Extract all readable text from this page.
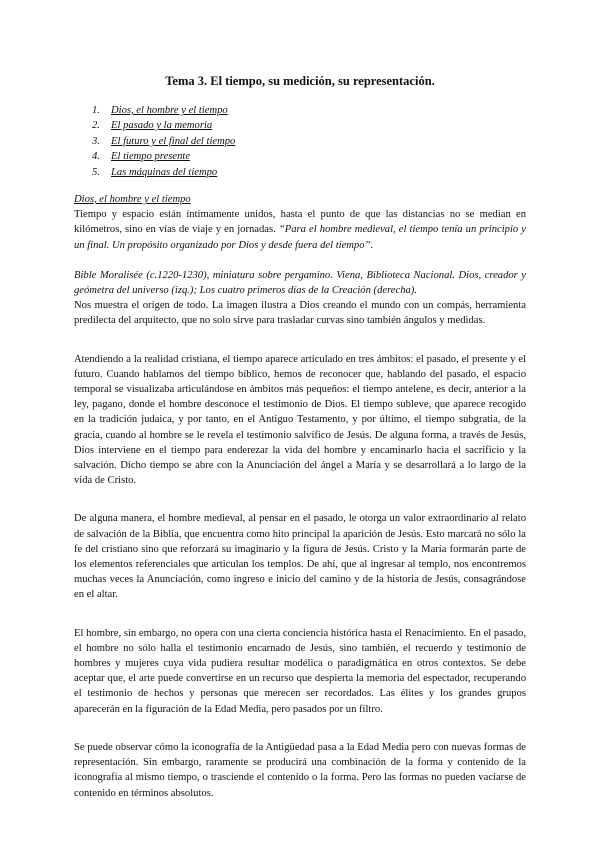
Tema 3. El tiempo, su medición, su representación.
1.	Dios, el hombre y el tiempo
2.	El pasado y la memoria
3.	El futuro y el final del tiempo
4.	El tiempo presente
5.	Las máquinas del tiempo

Dios, el hombre y el tiempo

Tiempo y espacio están íntimamente unidos, hasta el punto de que las distancias no se median en kilómetros, sino en vías de viaje y en jornadas. “Para el hombre medieval, el tiempo tenía un principio y un final. Un propósito organizado por Dios y desde fuera del tiempo”.

Bible Moralisée (c.1220-1230), miniatura sobre pergamino. Viena, Biblioteca Nacional. Dios, creador y geómetra del universo (izq.); Los cuatro primeros días de la Creación (derecha).

Nos muestra el origen de todo. La imagen ilustra a Dios creando el mundo con un compás, herramienta predilecta del arquitecto, que no solo sirve para trasladar curvas sino también ángulos y medidas.

Atendiendo a la realidad cristiana, el tiempo aparece articulado en tres ámbitos: el pasado, el presente y el futuro. Cuando hablamos del tiempo bíblico, hemos de reconocer que, hablando del pasado, el espacio temporal se visualizaba articulándose en ámbitos más pequeños: el tiempo antelene, es decir, anterior a la ley, pagano, donde el hombre desconoce el testimonio de Dios. El tiempo subleve, que aparece recogido en la tradición judaica, y por tanto, en el Antiguo Testamento, y por último, el tiempo subgratia, de la gracia, cuando al hombre se le revela el testimonio salvífico de Jesús. De alguna forma, a través de Jesús, Dios interviene en el tiempo para enderezar la vida del hombre y encaminarlo hacia el sacrificio y la salvación. Dicho tiempo se abre con la Anunciación del ángel a María y se desarrollará a lo largo de la vida de Cristo.

De alguna manera, el hombre medieval, al pensar en el pasado, le otorga un valor extraordinario al relato de salvación de la Biblia, que encuentra como hito principal la aparición de Jesús. Esto marcará no sólo la fe del cristiano sino que reforzará su imaginario y la figura de Jesús. Cristo y la María formarán parte de los elementos referenciales que articulan los templos. De ahí, que al ingresar al templo, nos encontremos muchas veces la Anunciación, como ingreso e inicio del camino y de la historia de Jesús, consagrándose en el altar.

El hombre, sin embargo, no opera con una cierta conciencia histórica hasta el Renacimiento. En el pasado, el hombre no sólo halla el testimonio encarnado de Jesús, sino también, el recuerdo y testimonio de hombres y mujeres cuya vida pudiera resultar modélica o paradigmática en otros contextos. Se debe aceptar que, el arte puede convertirse en un recurso que despierta la memoria del espectador, recuperando el testimonio de hechos y personas que merecen ser recordados. Las élites y los grandes grupos aparecerán en la figuración de la Edad Media, pero pasados por un filtro.

Se puede observar cómo la iconografía de la Antigüedad pasa a la Edad Media pero con nuevas formas de representación. Sin embargo, raramente se producirá una combinación de la forma y contenido de la iconografía al mismo tiempo, o trasciende el contenido o la forma. Pero las formas no pueden vaciarse de contenido en términos absolutos.
